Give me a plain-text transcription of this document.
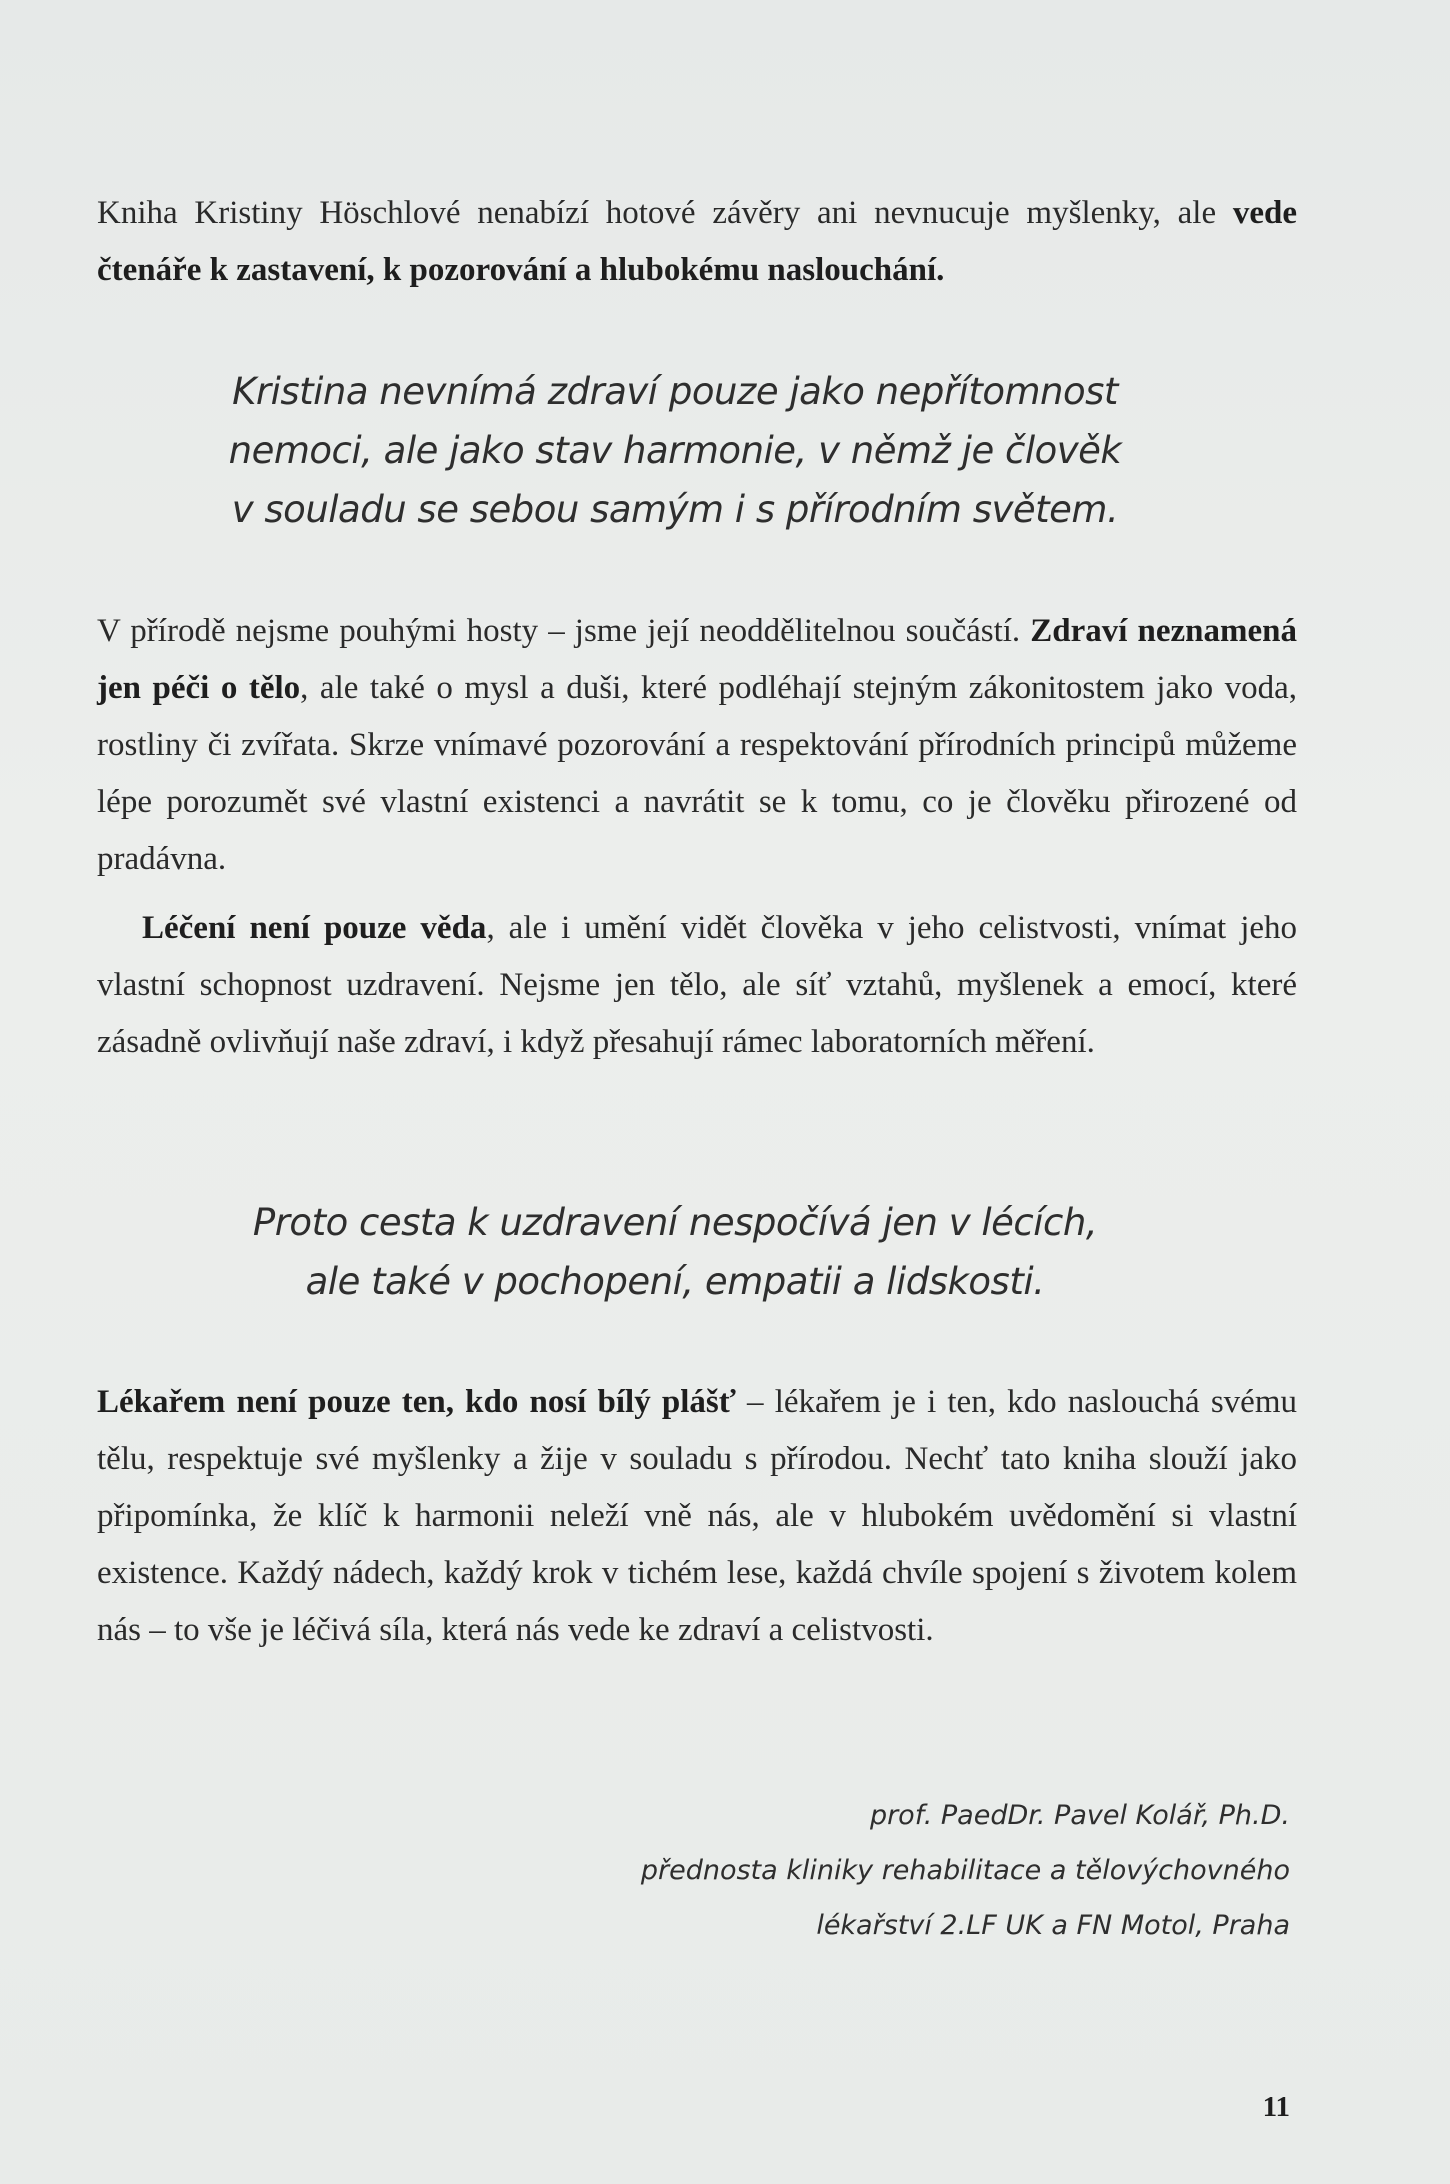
Kniha Kristiny Höschlové nenabízí hotové závěry ani nevnucuje myšlenky, ale vede čtenáře k zastavení, k pozorování a hlubokému naslouchání.

Kristina nevnímá zdraví pouze jako nepřítomnost
nemoci, ale jako stav harmonie, v němž je člověk
v souladu se sebou samým i s přírodním světem.

V přírodě nejsme pouhými hosty – jsme její neoddělitelnou součástí. Zdraví neznamená jen péči o tělo, ale také o mysl a duši, které podléhají stejným zákonitostem jako voda, rostliny či zvířata. Skrze vnímavé pozorování a respektování přírodních principů můžeme lépe porozumět své vlastní existenci a navrátit se k tomu, co je člověku přirozené od pradávna.

Léčení není pouze věda, ale i umění vidět člověka v jeho celistvosti, vnímat jeho vlastní schopnost uzdravení. Nejsme jen tělo, ale síť vztahů, myšlenek a emocí, které zásadně ovlivňují naše zdraví, i když přesahují rámec laboratorních měření.

Proto cesta k uzdravení nespočívá jen v lécích,
ale také v pochopení, empatii a lidskosti.

Lékařem není pouze ten, kdo nosí bílý plášť – lékařem je i ten, kdo naslouchá svému tělu, respektuje své myšlenky a žije v souladu s přírodou. Nechť tato kniha slouží jako připomínka, že klíč k harmonii neleží vně nás, ale v hlubokém uvědomění si vlastní existence. Každý nádech, každý krok v tichém lese, každá chvíle spojení s životem kolem nás – to vše je léčivá síla, která nás vede ke zdraví a celistvosti.

prof. PaedDr. Pavel Kolář, Ph.D.
přednosta kliniky rehabilitace a tělovýchovného
lékařství 2.LF UK a FN Motol, Praha

11
